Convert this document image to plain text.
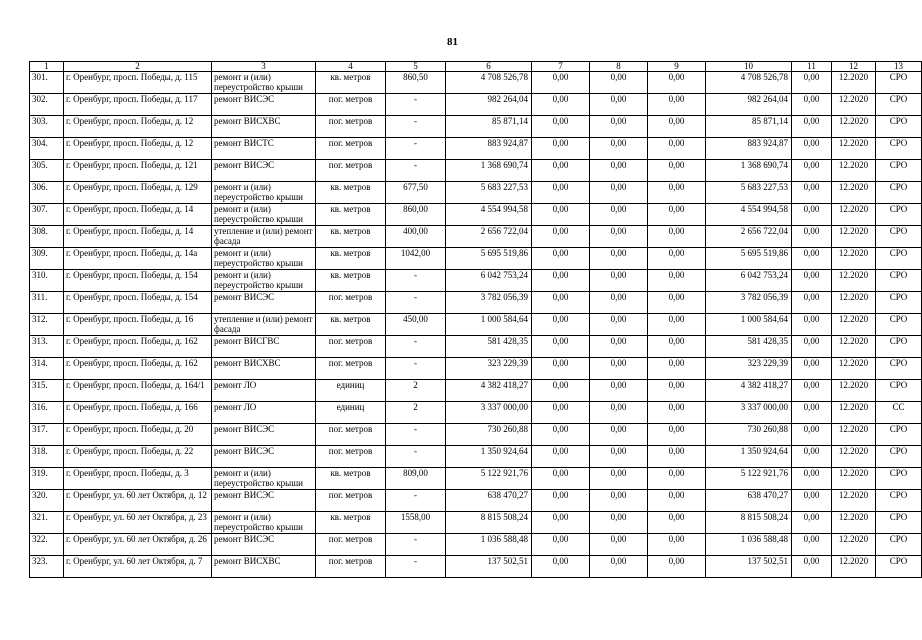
81
1	2	3	4	5	6	7	8	9	10	11	12	13
301.	г. Оренбург, просп. Победы, д. 115	ремонт и (или) переустройство крыши	кв. метров	860,50	4 708 526,78	0,00	0,00	0,00	4 708 526,78	0,00	12.2020	СРО
302.	г. Оренбург, просп. Победы, д. 117	ремонт ВИСЭС	пог. метров	-	982 264,04	0,00	0,00	0,00	982 264,04	0,00	12.2020	СРО
303.	г. Оренбург, просп. Победы, д. 12	ремонт ВИСХВС	пог. метров	-	85 871,14	0,00	0,00	0,00	85 871,14	0,00	12.2020	СРО
304.	г. Оренбург, просп. Победы, д. 12	ремонт ВИСТС	пог. метров	-	883 924,87	0,00	0,00	0,00	883 924,87	0,00	12.2020	СРО
305.	г. Оренбург, просп. Победы, д. 121	ремонт ВИСЭС	пог. метров	-	1 368 690,74	0,00	0,00	0,00	1 368 690,74	0,00	12.2020	СРО
306.	г. Оренбург, просп. Победы, д. 129	ремонт и (или) переустройство крыши	кв. метров	677,50	5 683 227,53	0,00	0,00	0,00	5 683 227,53	0,00	12.2020	СРО
307.	г. Оренбург, просп. Победы, д. 14	ремонт и (или) переустройство крыши	кв. метров	860,00	4 554 994,58	0,00	0,00	0,00	4 554 994,58	0,00	12.2020	СРО
308.	г. Оренбург, просп. Победы, д. 14	утепление и (или) ремонт фасада	кв. метров	400,00	2 656 722,04	0,00	0,00	0,00	2 656 722,04	0,00	12.2020	СРО
309.	г. Оренбург, просп. Победы, д. 14а	ремонт и (или) переустройство крыши	кв. метров	1042,00	5 695 519,86	0,00	0,00	0,00	5 695 519,86	0,00	12.2020	СРО
310.	г. Оренбург, просп. Победы, д. 154	ремонт и (или) переустройство крыши	кв. метров	-	6 042 753,24	0,00	0,00	0,00	6 042 753,24	0,00	12.2020	СРО
311.	г. Оренбург, просп. Победы, д. 154	ремонт ВИСЭС	пог. метров	-	3 782 056,39	0,00	0,00	0,00	3 782 056,39	0,00	12.2020	СРО
312.	г. Оренбург, просп. Победы, д. 16	утепление и (или) ремонт фасада	кв. метров	450,00	1 000 584,64	0,00	0,00	0,00	1 000 584,64	0,00	12.2020	СРО
313.	г. Оренбург, просп. Победы, д. 162	ремонт ВИСГВС	пог. метров	-	581 428,35	0,00	0,00	0,00	581 428,35	0,00	12.2020	СРО
314.	г. Оренбург, просп. Победы, д. 162	ремонт ВИСХВС	пог. метров	-	323 229,39	0,00	0,00	0,00	323 229,39	0,00	12.2020	СРО
315.	г. Оренбург, просп. Победы, д. 164/1	ремонт ЛО	единиц	2	4 382 418,27	0,00	0,00	0,00	4 382 418,27	0,00	12.2020	СРО
316.	г. Оренбург, просп. Победы, д. 166	ремонт ЛО	единиц	2	3 337 000,00	0,00	0,00	0,00	3 337 000,00	0,00	12.2020	СС
317.	г. Оренбург, просп. Победы, д. 20	ремонт ВИСЭС	пог. метров	-	730 260,88	0,00	0,00	0,00	730 260,88	0,00	12.2020	СРО
318.	г. Оренбург, просп. Победы, д. 22	ремонт ВИСЭС	пог. метров	-	1 350 924,64	0,00	0,00	0,00	1 350 924,64	0,00	12.2020	СРО
319.	г. Оренбург, просп. Победы, д. 3	ремонт и (или) переустройство крыши	кв. метров	809,00	5 122 921,76	0,00	0,00	0,00	5 122 921,76	0,00	12.2020	СРО
320.	г. Оренбург, ул. 60 лет Октября, д. 12	ремонт ВИСЭС	пог. метров	-	638 470,27	0,00	0,00	0,00	638 470,27	0,00	12.2020	СРО
321.	г. Оренбург, ул. 60 лет Октября, д. 23	ремонт и (или) переустройство крыши	кв. метров	1558,00	8 815 508,24	0,00	0,00	0,00	8 815 508,24	0,00	12.2020	СРО
322.	г. Оренбург, ул. 60 лет Октября, д. 26	ремонт ВИСЭС	пог. метров	-	1 036 588,48	0,00	0,00	0,00	1 036 588,48	0,00	12.2020	СРО
323.	г. Оренбург, ул. 60 лет Октября, д. 7	ремонт ВИСХВС	пог. метров	-	137 502,51	0,00	0,00	0,00	137 502,51	0,00	12.2020	СРО
